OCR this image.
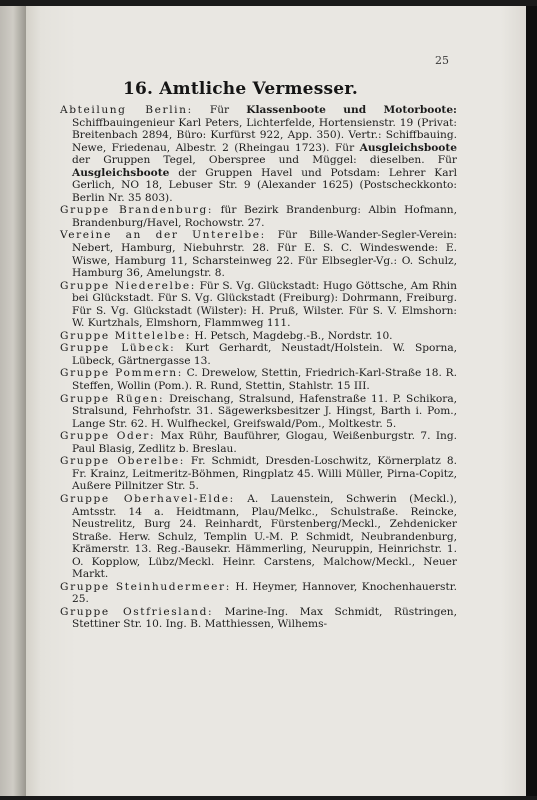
25
16. Amtliche Vermesser.

Abteilung Berlin: Für Klassenboote und Motorboote: Schiffbauingenieur Karl Peters, Lichterfelde, Hortensienstr. 19 (Privat: Breitenbach 2894, Büro: Kurfürst 922, App. 350). Vertr.: Schiffbauing. Newe, Friedenau, Albestr. 2 (Rheingau 1723). Für Ausgleichsboote der Gruppen Tegel, Oberspree und Müggel: dieselben. Für Ausgleichsboote der Gruppen Havel und Potsdam: Lehrer Karl Gerlich, NO 18, Lebuser Str. 9 (Alexander 1625) (Postscheckkonto: Berlin Nr. 35 803).

Gruppe Brandenburg: für Bezirk Brandenburg: Albin Hofmann, Brandenburg/Havel, Rochowstr. 27.

Vereine an der Unterelbe: Für Bille-Wander-Segler-Verein: Nebert, Hamburg, Niebuhrstr. 28. Für E. S. C. Windeswende: E. Wiswe, Hamburg 11, Scharsteinweg 22. Für Elbsegler-Vg.: O. Schulz, Hamburg 36, Amelungstr. 8.

Gruppe Niederelbe: Für S. Vg. Glückstadt: Hugo Göttsche, Am Rhin bei Glückstadt. Für S. Vg. Glückstadt (Freiburg): Dohrmann, Freiburg. Für S. Vg. Glückstadt (Wilster): H. Pruß, Wilster. Für S. V. Elmshorn: W. Kurtzhals, Elmshorn, Flammweg 111.

Gruppe Mittelelbe: H. Petsch, Magdebg.-B., Nordstr. 10.

Gruppe Lübeck: Kurt Gerhardt, Neustadt/Holstein. W. Sporna, Lübeck, Gärtnergasse 13.

Gruppe Pommern: C. Drewelow, Stettin, Friedrich-Karl-Straße 18. R. Steffen, Wollin (Pom.). R. Rund, Stettin, Stahlstr. 15 III.

Gruppe Rügen: Dreischang, Stralsund, Hafenstraße 11. P. Schikora, Stralsund, Fehrhofstr. 31. Sägewerksbesitzer J. Hingst, Barth i. Pom., Lange Str. 62. H. Wulfheckel, Greifswald/Pom., Moltkestr. 5.

Gruppe Oder: Max Rühr, Bauführer, Glogau, Weißenburgstr. 7. Ing. Paul Blasig, Zedlitz b. Breslau.

Gruppe Oberelbe: Fr. Schmidt, Dresden-Loschwitz, Körnerplatz 8. Fr. Krainz, Leitmeritz-Böhmen, Ringplatz 45. Willi Müller, Pirna-Copitz, Außere Pillnitzer Str. 5.

Gruppe Oberhavel-Elde: A. Lauenstein, Schwerin (Meckl.), Amtsstr. 14 a. Heidtmann, Plau/Melkc., Schulstraße. Reincke, Neustrelitz, Burg 24. Reinhardt, Fürstenberg/Meckl., Zehdenicker Straße. Herw. Schulz, Templin U.-M. P. Schmidt, Neubrandenburg, Krämerstr. 13. Reg.-Bausekr. Hämmerling, Neuruppin, Heinrichstr. 1. O. Kopplow, Lübz/Meckl. Heinr. Carstens, Malchow/Meckl., Neuer Markt.

Gruppe Steinhudermeer: H. Heymer, Hannover, Knochenhauerstr. 25.

Gruppe Ostfriesland: Marine-Ing. Max Schmidt, Rüstringen, Stettiner Str. 10. Ing. B. Matthiessen, Wilhems-
